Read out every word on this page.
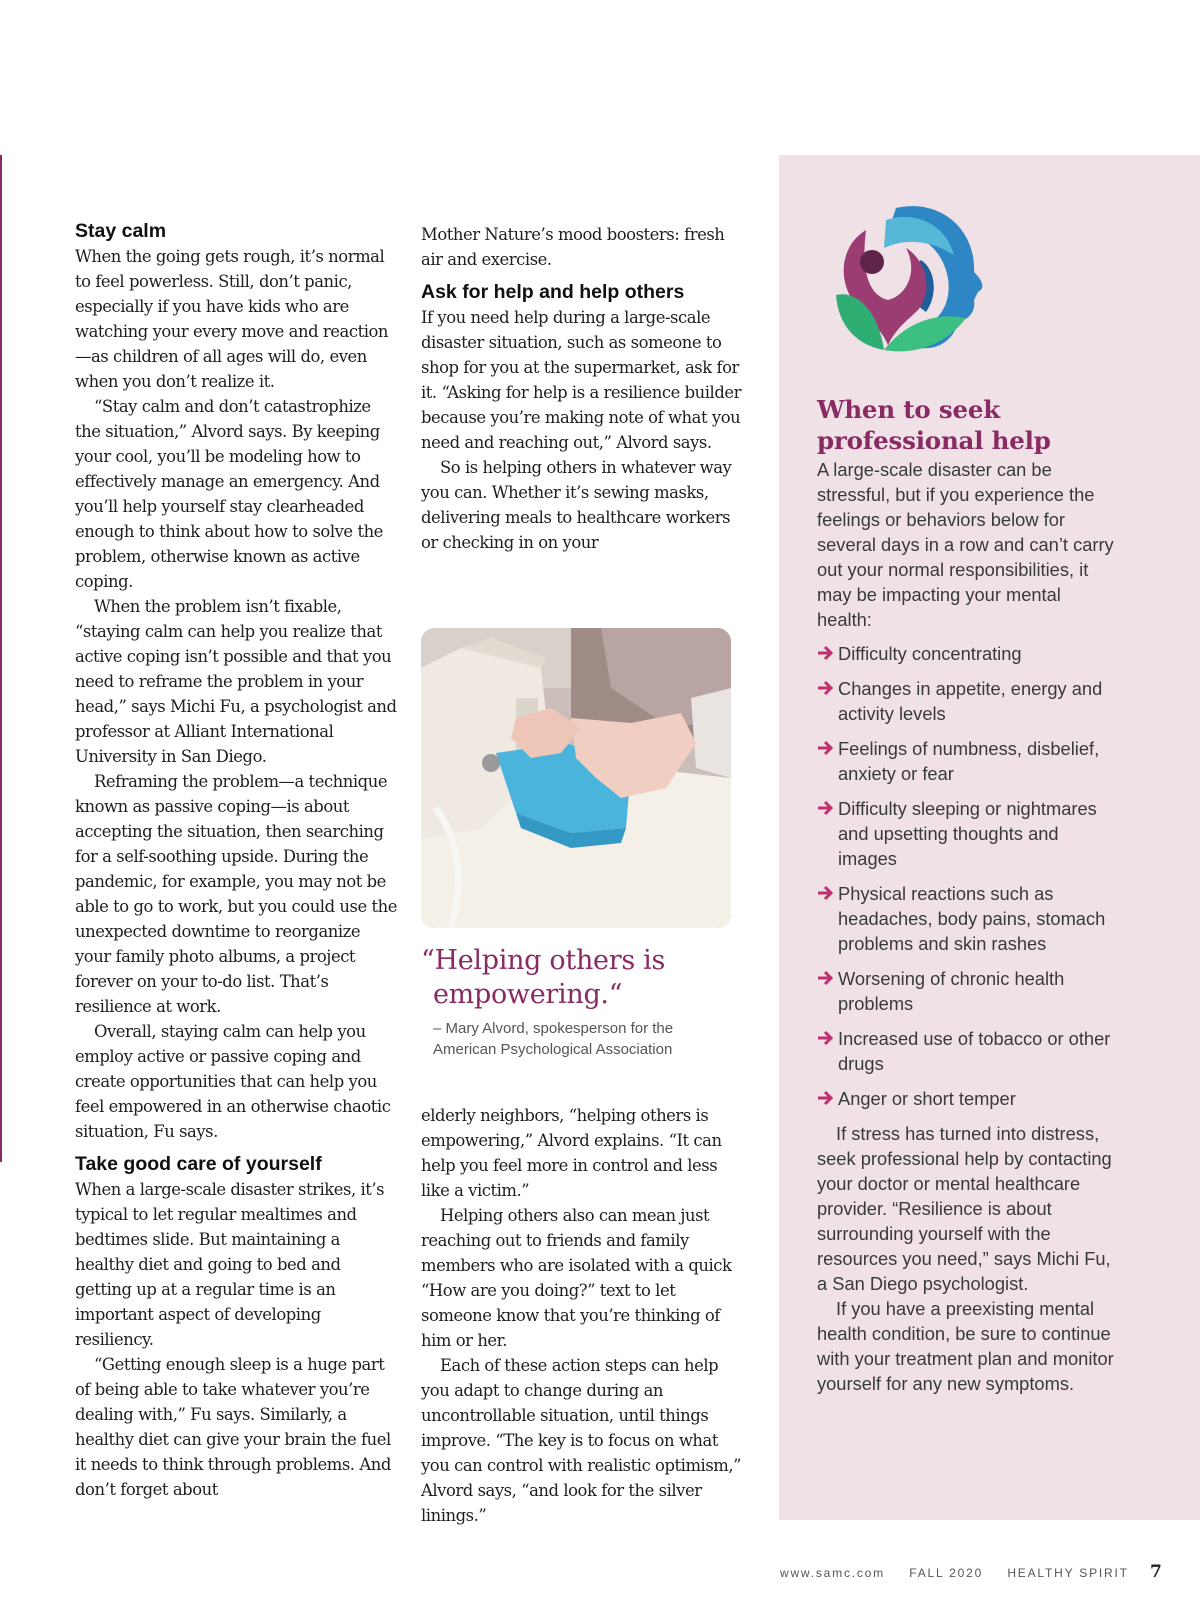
Stay calm

When the going gets rough, it’s normal to feel powerless. Still, don’t panic, especially if you have kids who are watching your every move and reaction—as children of all ages will do, even when you don’t realize it.

“Stay calm and don’t catastrophize the situation,” Alvord says. By keeping your cool, you’ll be modeling how to effectively manage an emergency. And you’ll help yourself stay clearheaded enough to think about how to solve the problem, otherwise known as active coping.

When the problem isn’t fixable, “staying calm can help you realize that active coping isn’t possible and that you need to reframe the problem in your head,” says Michi Fu, a psychologist and professor at Alliant International University in San Diego.

Reframing the problem—a technique known as passive coping—is about accepting the situation, then searching for a self-soothing upside. During the pandemic, for example, you may not be able to go to work, but you could use the unexpected downtime to reorganize your family photo albums, a project forever on your to-do list. That’s resilience at work.

Overall, staying calm can help you employ active or passive coping and create opportunities that can help you feel empowered in an otherwise chaotic situation, Fu says.

Take good care of yourself

When a large-scale disaster strikes, it’s typical to let regular mealtimes and bedtimes slide. But maintaining a healthy diet and going to bed and getting up at a regular time is an important aspect of developing resiliency.

“Getting enough sleep is a huge part of being able to take whatever you’re dealing with,” Fu says. Similarly, a healthy diet can give your brain the fuel it needs to think through problems. And don’t forget about

Mother Nature’s mood boosters: fresh air and exercise.

Ask for help and help others

If you need help during a large-scale disaster situation, such as someone to shop for you at the supermarket, ask for it. “Asking for help is a resilience builder because you’re making note of what you need and reaching out,” Alvord says.

So is helping others in whatever way you can. Whether it’s sewing masks, delivering meals to healthcare workers or checking in on your

“Helping others is
empowering.“
– Mary Alvord, spokesperson for the
American Psychological Association

elderly neighbors, “helping others is empowering,” Alvord explains. “It can help you feel more in control and less like a victim.”

Helping others also can mean just reaching out to friends and family members who are isolated with a quick “How are you doing?” text to let someone know that you’re thinking of him or her.

Each of these action steps can help you adapt to change during an uncontrollable situation, until things improve. “The key is to focus on what you can control with realistic optimism,” Alvord says, “and look for the silver linings.”

When to seek
professional help

A large-scale disaster can be stressful, but if you experience the feelings or behaviors below for several days in a row and can’t carry out your normal responsibilities, it may be impacting your mental health:

Difficulty concentrating
Changes in appetite, energy and activity levels
Feelings of numbness, disbelief, anxiety or fear
Difficulty sleeping or nightmares and upsetting thoughts and images
Physical reactions such as headaches, body pains, stomach problems and skin rashes
Worsening of chronic health problems
Increased use of tobacco or other drugs
Anger or short temper

If stress has turned into distress, seek professional help by contacting your doctor or mental healthcare provider. “Resilience is about surrounding yourself with the resources you need,” says Michi Fu, a San Diego psychologist.

If you have a preexisting mental health condition, be sure to continue with your treatment plan and monitor yourself for any new symptoms.

www.samc.com FALL 2020 HEALTHY SPIRIT 7
